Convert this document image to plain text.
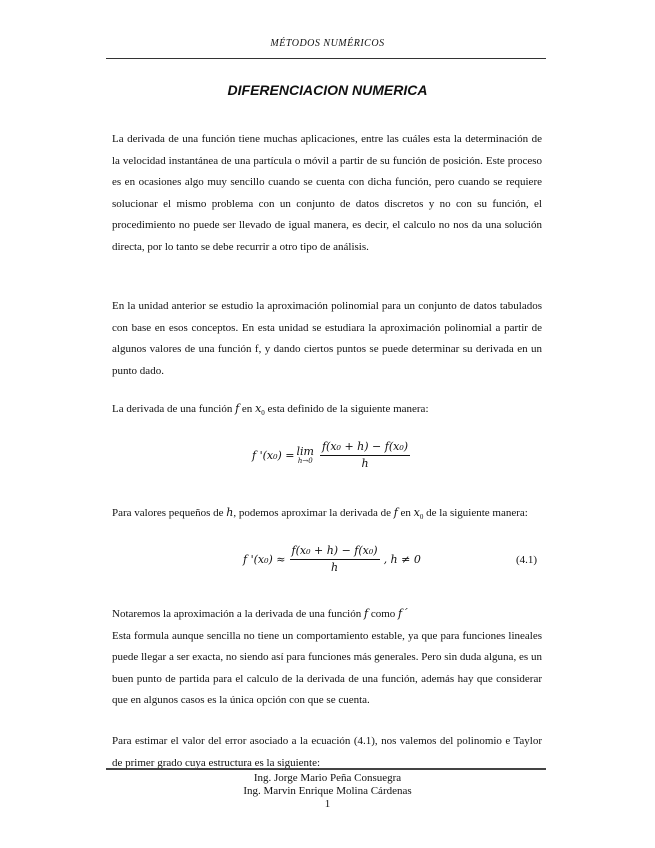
MÉTODOS NUMÉRICOS
DIFERENCIACION NUMERICA

La derivada de una función tiene muchas aplicaciones, entre las cuáles esta la determinación de la velocidad instantánea de una partícula o móvil a partir de su función de posición. Este proceso es en ocasiones algo muy sencillo cuando se cuenta con dicha función, pero cuando se requiere solucionar el mismo problema con un conjunto de datos discretos y no con su función, el procedimiento no puede ser llevado de igual manera, es decir, el calculo no nos da una solución directa, por lo tanto se debe recurrir a otro tipo de análisis.

En la unidad anterior se estudio la aproximación polinomial para un conjunto de datos tabulados con base en esos conceptos. En esta unidad se estudiara la aproximación polinomial a partir de algunos valores de una función f, y dando ciertos puntos se puede determinar su derivada en un punto dado.

La derivada de una función f en $x_0$ esta definido de la siguiente manera:

f '(x₀) = lim
$h\to 0 \frac{\text{f(x₀ + h) − f(x₀)}}{h}$

Para valores pequeños de h, podemos aproximar la derivada de f en $x_0$ de la siguiente manera:

f '$(x_0) \approx \frac{\text{f(x₀ + h) − f(x₀)}}{h}$ , h ≠ 0	(4.1)

Notaremos la aproximación a la derivada de una función f como f´
Esta formula aunque sencilla no tiene un comportamiento estable, ya que para funciones lineales puede llegar a ser exacta, no siendo así para funciones más generales. Pero sin duda alguna, es un buen punto de partida para el calculo de la derivada de una función, además hay que considerar que en algunos casos es la única opción con que se cuenta.

Para estimar el valor del error asociado a la ecuación (4.1), nos valemos del polinomio e Taylor de primer grado cuya estructura es la siguiente:

Ing. Jorge Mario Peña Consuegra
Ing. Marvin Enrique Molina Cárdenas
1
